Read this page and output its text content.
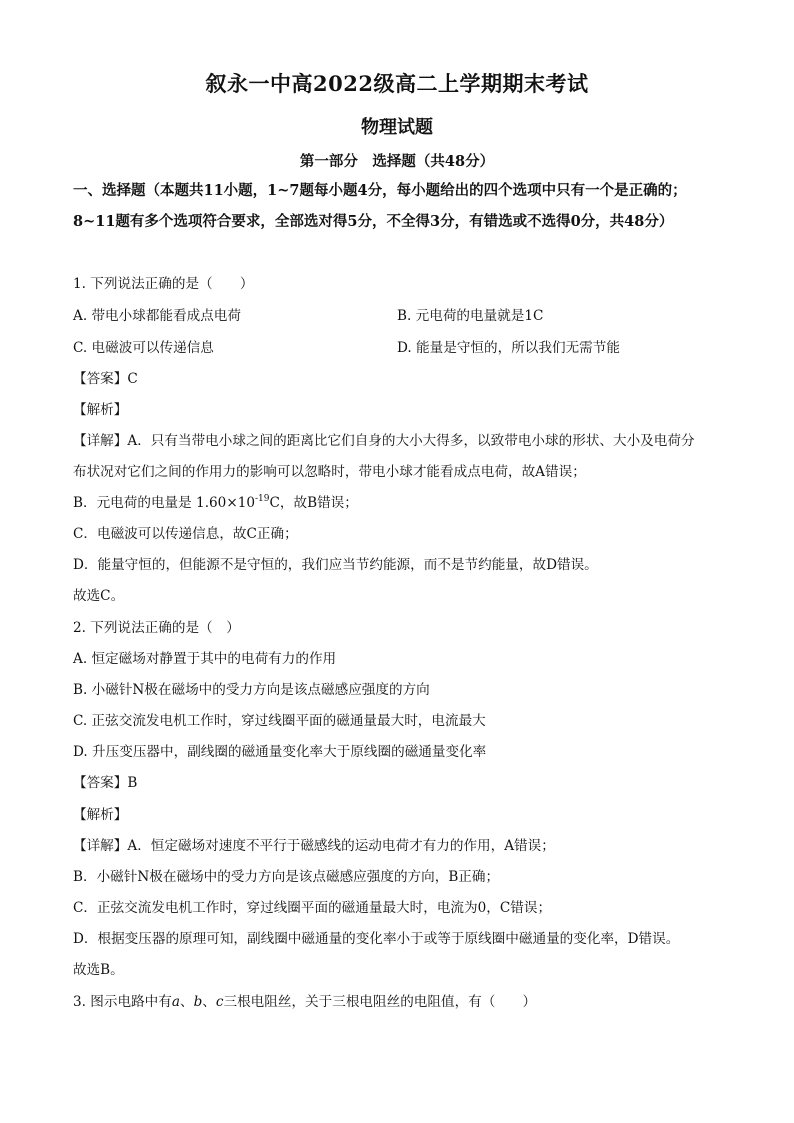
叙永一中高2022级高二上学期期末考试
物理试题
第一部分　选择题（共48分）
一、选择题（本题共11小题，1~7题每小题4分，每小题给出的四个选项中只有一个是正确的；8~11题有多个选项符合要求，全部选对得5分，不全得3分，有错选或不选得0分，共48分）
1. 下列说法正确的是（　　）
A. 带电小球都能看成点电荷	B. 元电荷的电量就是1C
C. 电磁波可以传递信息	D. 能量是守恒的，所以我们无需节能
【答案】C
【解析】
【详解】A．只有当带电小球之间的距离比它们自身的大小大得多，以致带电小球的形状、大小及电荷分
布状况对它们之间的作用力的影响可以忽略时，带电小球才能看成点电荷，故A错误；
B．元电荷的电量是 $1.60\times 10^{-19}C$，故B错误；
C．电磁波可以传递信息，故C正确；
D．能量守恒的，但能源不是守恒的，我们应当节约能源，而不是节约能量，故D错误。
故选C。
2. 下列说法正确的是（　）
A. 恒定磁场对静置于其中的电荷有力的作用
B. 小磁针N极在磁场中的受力方向是该点磁感应强度的方向
C. 正弦交流发电机工作时，穿过线圈平面的磁通量最大时，电流最大
D. 升压变压器中，副线圈的磁通量变化率大于原线圈的磁通量变化率
【答案】B
【解析】
【详解】A．恒定磁场对速度不平行于磁感线的运动电荷才有力的作用，A错误；
B．小磁针N极在磁场中的受力方向是该点磁感应强度的方向，B正确；
C．正弦交流发电机工作时，穿过线圈平面的磁通量最大时，电流为0，C错误；
D．根据变压器的原理可知，副线圈中磁通量的变化率小于或等于原线圈中磁通量的变化率，D错误。
故选B。
3. 图示电路中有a、b、c三根电阻丝，关于三根电阻丝的电阻值，有（　　）
